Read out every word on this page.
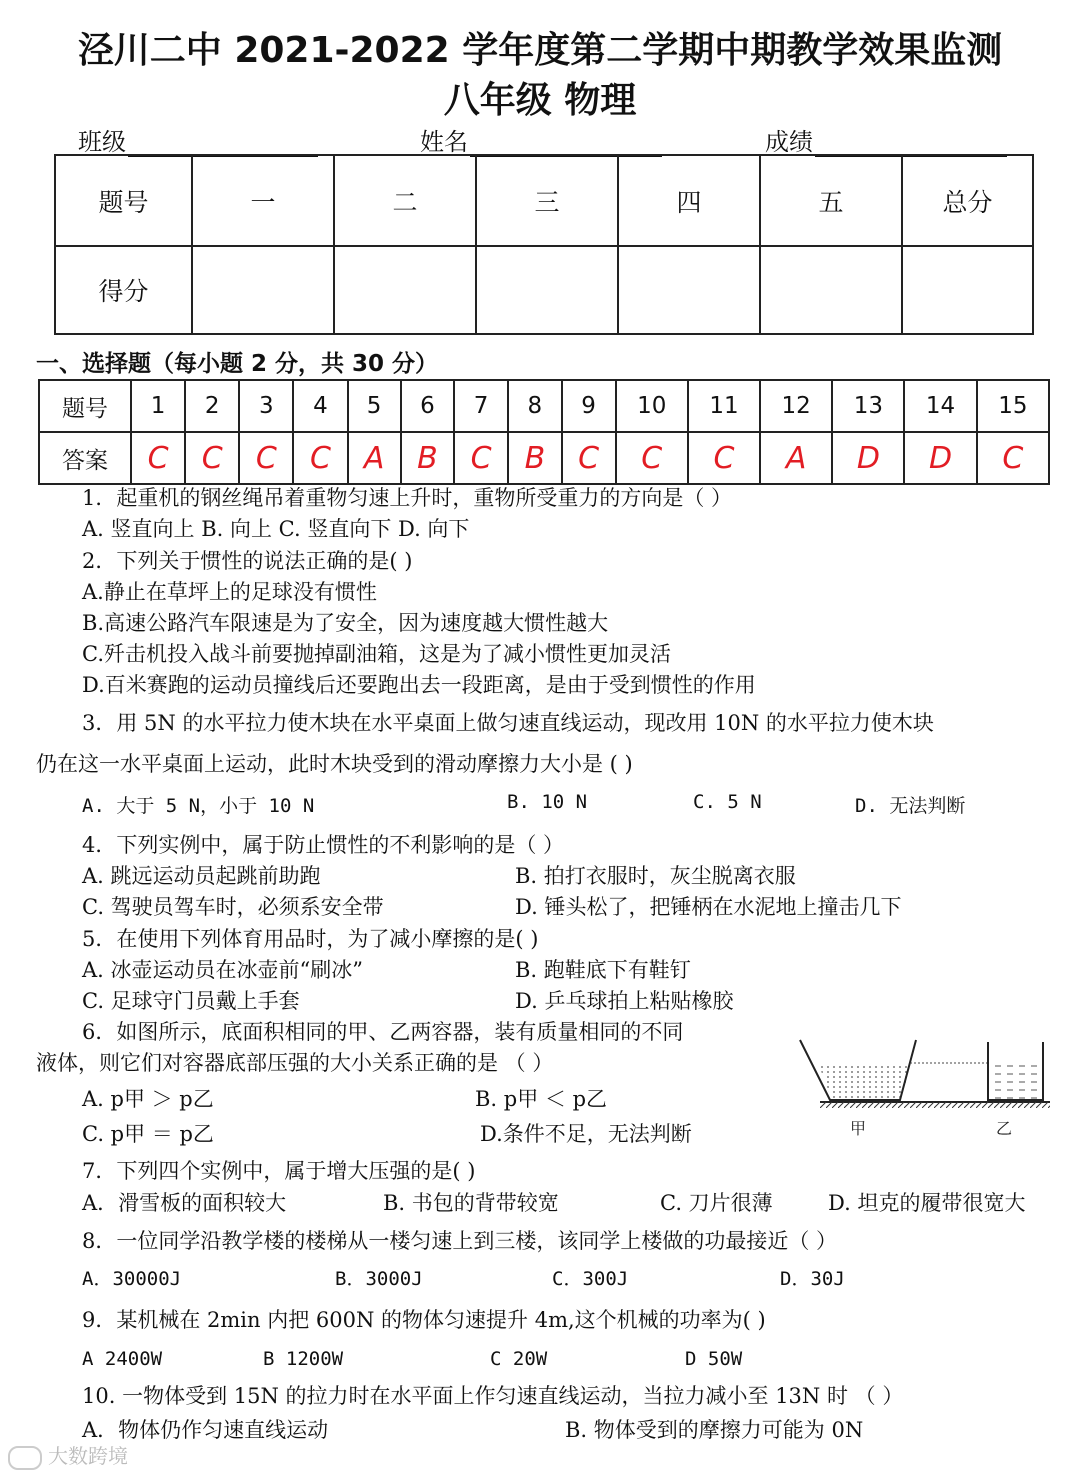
泾川二中 2021-2022 学年度第二学期中期教学效果监测
八年级 物理
班级	姓名	成绩
题号	一	二	三	四	五	总分
得分						
一、选择题（每小题 2 分，共 30 分）
题号	1	2	3	4	5	6	7	8	9	10	11	12	13	14	15
答案	C	C	C	C	A	B	C	B	C	C	C	A	D	D	C
1．起重机的钢丝绳吊着重物匀速上升时，重物所受重力的方向是（ ）
A. 竖直向上 B. 向上 C. 竖直向下 D. 向下
2．下列关于惯性的说法正确的是( )
A.静止在草坪上的足球没有惯性
B.高速公路汽车限速是为了安全，因为速度越大惯性越大
C.歼击机投入战斗前要抛掉副油箱，这是为了减小惯性更加灵活
D.百米赛跑的运动员撞线后还要跑出去一段距离，是由于受到惯性的作用
3．用 5N 的水平拉力使木块在水平桌面上做匀速直线运动，现改用 10N 的水平拉力使木块
仍在这一水平桌面上运动，此时木块受到的滑动摩擦力大小是 ( )
A. 大于 5 N，小于 10 N	B. 10 N	C. 5 N	D. 无法判断
4．下列实例中，属于防止惯性的不利影响的是（ ）
A. 跳远运动员起跳前助跑	B. 拍打衣服时，灰尘脱离衣服
C. 驾驶员驾车时，必须系安全带	D. 锤头松了，把锤柄在水泥地上撞击几下
5．在使用下列体育用品时，为了减小摩擦的是( )
A. 冰壶运动员在冰壶前“刷冰”	B. 跑鞋底下有鞋钉
C. 足球守门员戴上手套	D. 乒乓球拍上粘贴橡胶
6．如图所示，底面积相同的甲、乙两容器，装有质量相同的不同
液体，则它们对容器底部压强的大小关系正确的是 （ ）
A. p甲 ＞ p乙	B. p甲 ＜ p乙
C. p甲 ＝ p乙	D.条件不足，无法判断	甲	乙
7．下列四个实例中，属于增大压强的是( )
A．滑雪板的面积较大	B. 书包的背带较宽	C. 刀片很薄	D. 坦克的履带很宽大
8．一位同学沿教学楼的楼梯从一楼匀速上到三楼，该同学上楼做的功最接近（ ）
A．30000J	B．3000J	C．300J	D．30J
9．某机械在 2min 内把 600N 的物体匀速提升 4m,这个机械的功率为( )
A 2400W	B 1200W	C 20W	D 50W
10. 一物体受到 15N 的拉力时在水平面上作匀速直线运动，当拉力减小至 13N 时 （ ）
A．物体仍作匀速直线运动	B. 物体受到的摩擦力可能为 0N
大数跨境
